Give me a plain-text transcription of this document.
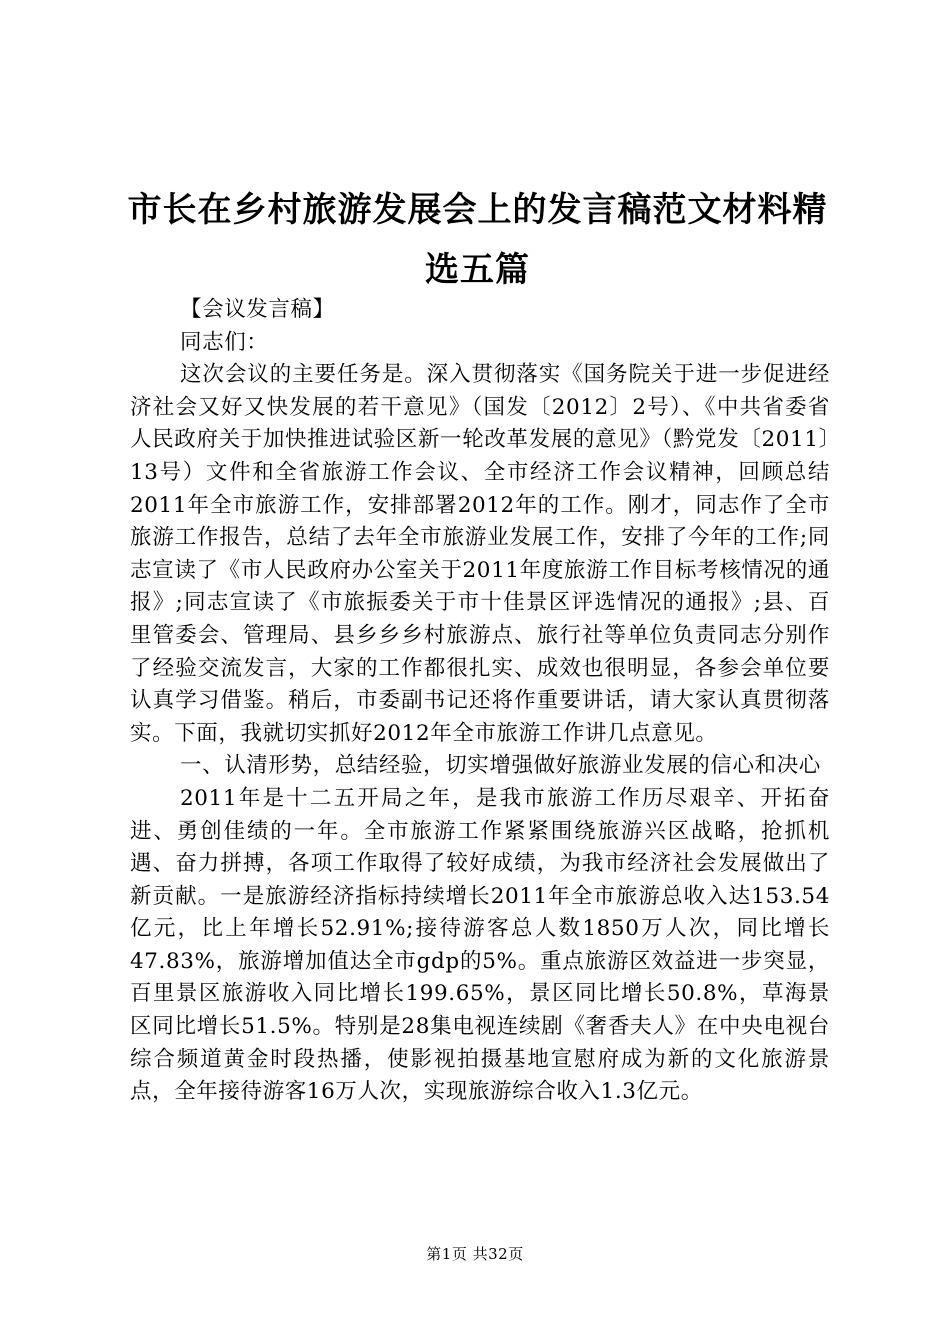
市长在乡村旅游发展会上的发言稿范文材料精选五篇

【会议发言稿】

同志们：

这次会议的主要任务是。深入贯彻落实《国务院关于进一步促进经济社会又好又快发展的若干意见》（国发〔2012〕2号）、《中共省委省人民政府关于加快推进试验区新一轮改革发展的意见》（黔党发〔2011〕13号）文件和全省旅游工作会议、全市经济工作会议精神，回顾总结2011年全市旅游工作，安排部署2012年的工作。刚才，同志作了全市旅游工作报告，总结了去年全市旅游业发展工作，安排了今年的工作;同志宣读了《市人民政府办公室关于2011年度旅游工作目标考核情况的通报》;同志宣读了《市旅振委关于市十佳景区评选情况的通报》;县、百里管委会、管理局、县乡乡乡村旅游点、旅行社等单位负责同志分别作了经验交流发言，大家的工作都很扎实、成效也很明显，各参会单位要认真学习借鉴。稍后，市委副书记还将作重要讲话，请大家认真贯彻落实。下面，我就切实抓好2012年全市旅游工作讲几点意见。

一、认清形势，总结经验，切实增强做好旅游业发展的信心和决心

2011年是十二五开局之年，是我市旅游工作历尽艰辛、开拓奋进、勇创佳绩的一年。全市旅游工作紧紧围绕旅游兴区战略，抢抓机遇、奋力拼搏，各项工作取得了较好成绩，为我市经济社会发展做出了新贡献。一是旅游经济指标持续增长2011年全市旅游总收入达153.54亿元，比上年增长52.91%;接待游客总人数1850万人次，同比增长47.83%，旅游增加值达全市gdp的5%。重点旅游区效益进一步突显，百里景区旅游收入同比增长199.65%，景区同比增长50.8%，草海景区同比增长51.5%。特别是28集电视连续剧《奢香夫人》在中央电视台综合频道黄金时段热播，使影视拍摄基地宣慰府成为新的文化旅游景点，全年接待游客16万人次，实现旅游综合收入1.3亿元。

第1页 共32页
